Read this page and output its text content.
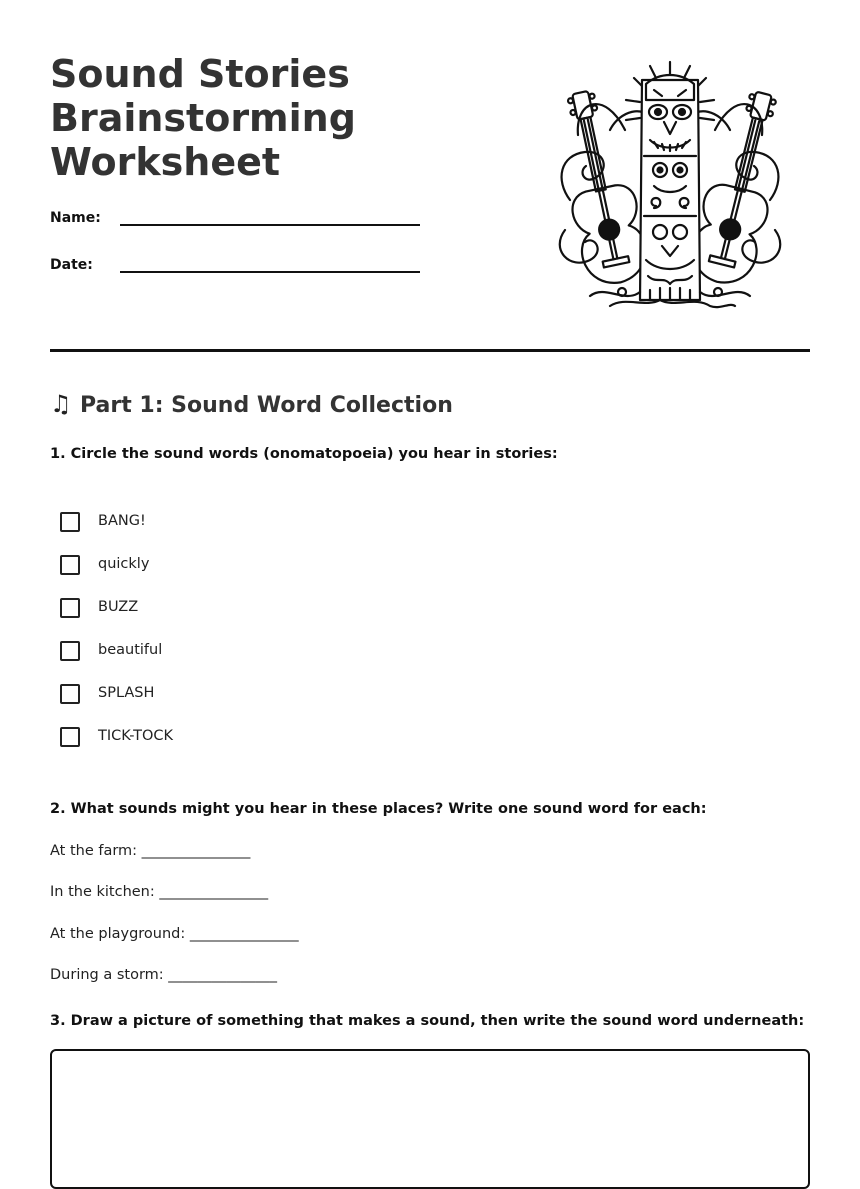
Sound Stories Brainstorming Worksheet
Name:
Date:
♫ Part 1: Sound Word Collection

1. Circle the sound words (onomatopoeia) you hear in stories:

BANG!
quickly
BUZZ
beautiful
SPLASH
TICK-TOCK

2. What sounds might you hear in these places? Write one sound word for each:

At the farm: _______________
In the kitchen: _______________
At the playground: _______________
During a storm: _______________

3. Draw a picture of something that makes a sound, then write the sound word underneath:
